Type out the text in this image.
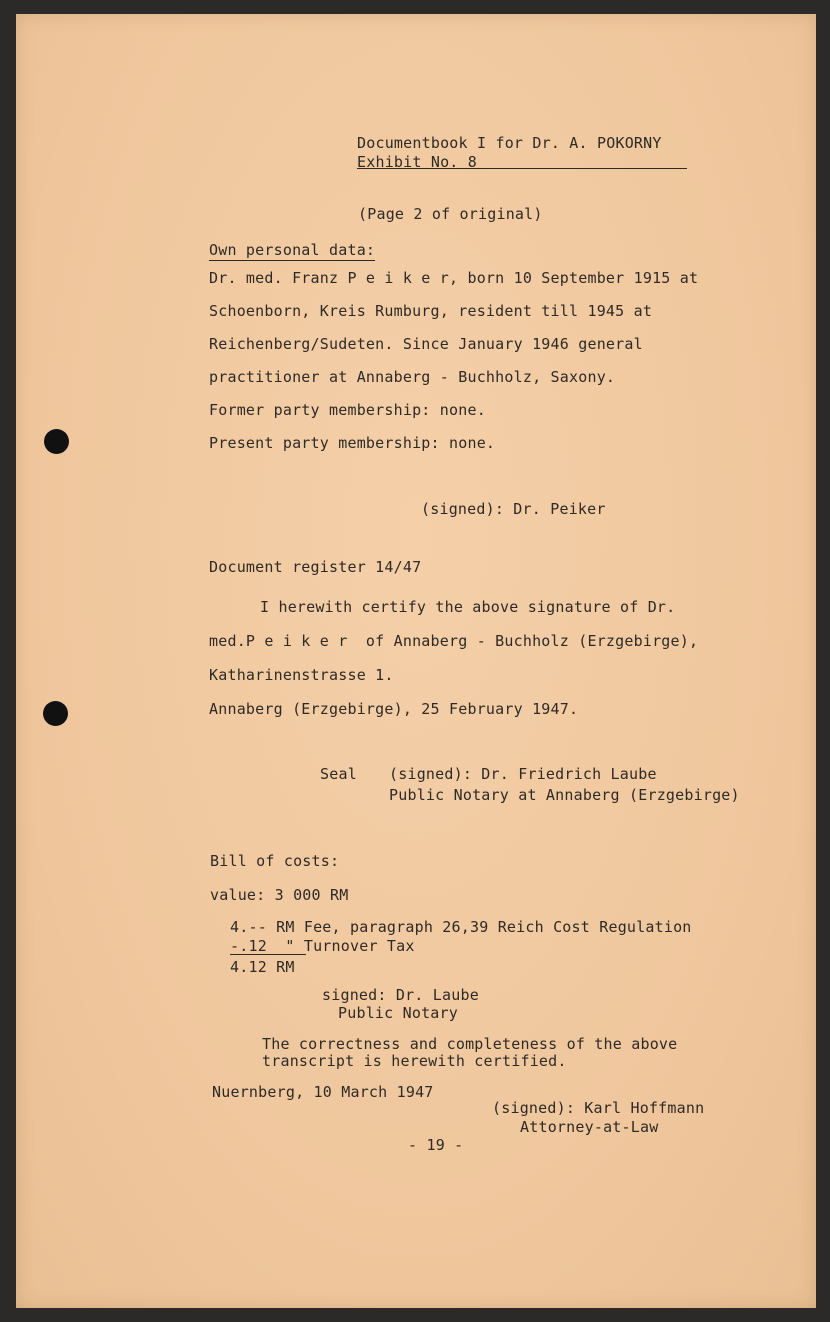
Documentbook I for Dr. A. POKORNY
Exhibit No. 8
(Page 2 of original)
Own personal data:
Dr. med. Franz P e i k e r, born 10 September 1915 at
Schoenborn, Kreis Rumburg, resident till 1945 at
Reichenberg/Sudeten. Since January 1946 general
practitioner at Annaberg - Buchholz, Saxony.
Former party membership: none.
Present party membership: none.
(signed): Dr. Peiker
Document register 14/47
I herewith certify the above signature of Dr.
med.P e i k e r  of Annaberg - Buchholz (Erzgebirge),
Katharinenstrasse 1.
Annaberg (Erzgebirge), 25 February 1947.
Seal (signed): Dr. Friedrich Laube
Public Notary at Annaberg (Erzgebirge)
Bill of costs:
value: 3 000 RM
4.-- RM Fee, paragraph 26,39 Reich Cost Regulation
-.12  " Turnover Tax
4.12 RM
signed: Dr. Laube
Public Notary
The correctness and completeness of the above
transcript is herewith certified.
Nuernberg, 10 March 1947
(signed): Karl Hoffmann
Attorney-at-Law
- 19 -
